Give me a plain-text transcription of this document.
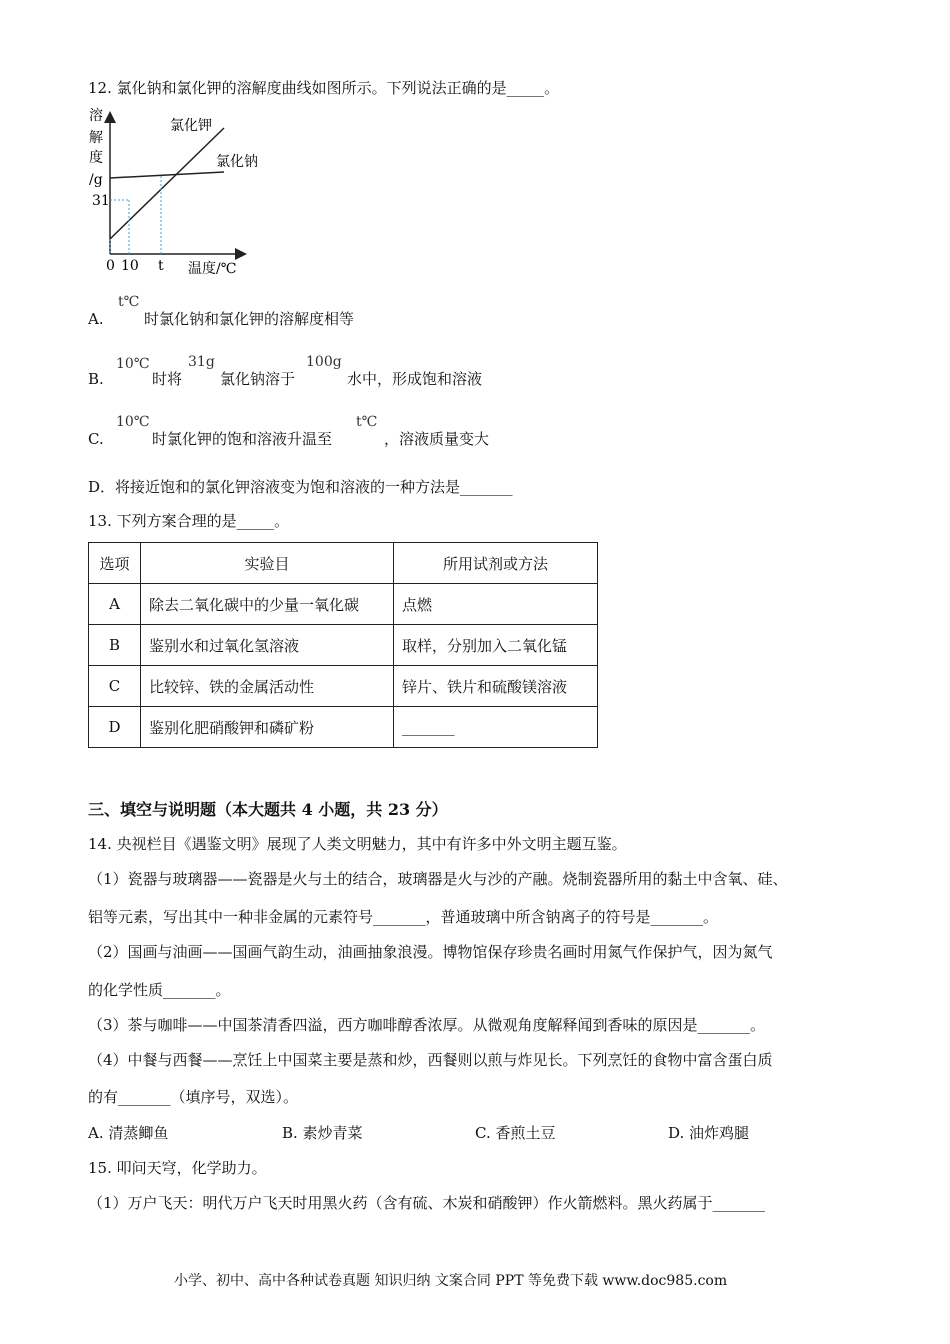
12. 氯化钠和氯化钾的溶解度曲线如图所示。下列说法正确的是_____。
溶
解
度
/g
31
0 10 t 温度/℃
氯化钾
氯化钠
A.
t℃
时氯化钠和氯化钾的溶解度相等
B.
10℃
时将
31g
氯化钠溶于
100g
水中，形成饱和溶液
C.
10℃
时氯化钾的饱和溶液升温至
t℃
，溶液质量变大
D．将接近饱和的氯化钾溶液变为饱和溶液的一种方法是_______
13. 下列方案合理的是_____。
选项	实验目	所用试剂或方法
A	除去二氧化碳中的少量一氧化碳	点燃
B	鉴别水和过氧化氢溶液	取样，分别加入二氧化锰
C	比较锌、铁的金属活动性	锌片、铁片和硫酸镁溶液
D	鉴别化肥硝酸钾和磷矿粉	_______
三、填空与说明题（本大题共 4 小题，共 23 分）
14. 央视栏目《遇鉴文明》展现了人类文明魅力，其中有许多中外文明主题互鉴。
（1）瓷器与玻璃器——瓷器是火与土的结合，玻璃器是火与沙的产融。烧制瓷器所用的黏土中含氧、硅、
铝等元素，写出其中一种非金属的元素符号_______，普通玻璃中所含钠离子的符号是_______。
（2）国画与油画——国画气韵生动，油画抽象浪漫。博物馆保存珍贵名画时用氮气作保护气，因为氮气
的化学性质_______。
（3）茶与咖啡——中国茶清香四溢，西方咖啡醇香浓厚。从微观角度解释闻到香味的原因是_______。
（4）中餐与西餐——烹饪上中国菜主要是蒸和炒，西餐则以煎与炸见长。下列烹饪的食物中富含蛋白质
的有_______（填序号，双选）。
A. 清蒸鲫鱼	B. 素炒青菜	C. 香煎土豆	D. 油炸鸡腿
15. 叩问天穹，化学助力。
（1）万户飞天：明代万户飞天时用黑火药（含有硫、木炭和硝酸钾）作火箭燃料。黑火药属于_______
小学、初中、高中各种试卷真题 知识归纳 文案合同 PPT 等免费下载 www.doc985.com
